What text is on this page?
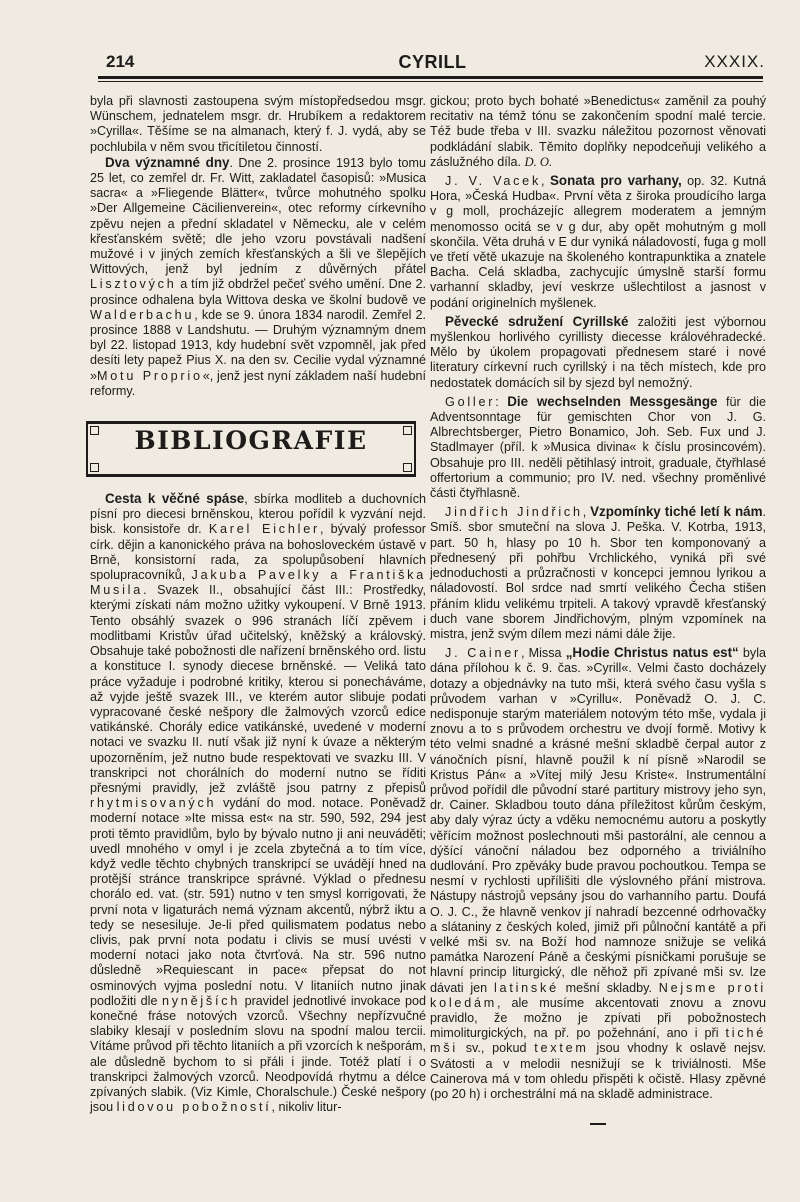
214	CYRILL	XXXIX.

byla při slavnosti zastoupena svým místopředsedou msgr. Wünschem, jednatelem msgr. dr. Hrubíkem a redaktorem »Cyrilla«. Těšíme se na almanach, který f. J. vydá, aby se pochlubila v něm svou třicítiletou činností.

Dva významné dny. Dne 2. prosince 1913 bylo tomu 25 let, co zemřel dr. Fr. Witt, zakladatel časopisů: »Musica sacra« a »Fliegende Blätter«, tvůrce mohutného spolku »Der Allgemeine Cäcilienverein«, otec reformy církevního zpěvu nejen a přední skladatel v Německu, ale v celém křesťanském světě; dle jeho vzoru povstávali nadšení mužové i v jiných zemích křesťanských a šli ve šlepějích Wittových, jenž byl jedním z důvěrných přátel Lisztových a tím již obdržel pečeť svého umění. Dne 2. prosince odhalena byla Wittova deska ve školní budově ve Walderbachu, kde se 9. února 1834 narodil. Zemřel 2. prosince 1888 v Landshutu. — Druhým významným dnem byl 22. listopad 1913, kdy hudební svět vzpomněl, jak před desíti lety papež Pius X. na den sv. Cecilie vydal významné »Motu Proprio«, jenž jest nyní základem naší hudební reformy.

BIBLIOGRAFIE

Cesta k věčné spáse, sbírka modliteb a duchovních písní pro diecesi brněnskou, kterou pořídil k vyzvání nejd. bisk. konsistoře dr. Karel Eichler, bývalý professor círk. dějin a kanonického práva na bohosloveckém ústavě v Brně, konsistorní rada, za spolupůsobení hlavních spolupracovníků, Jakuba Pavelky a Františka Musila. Svazek II., obsahující část III.: Prostředky, kterými získati nám možno užitky vykoupení. V Brně 1913. Tento obsáhlý svazek o 996 stranách líčí zpěvem i modlitbami Kristův úřad učitelský, kněžský a královský. Obsahuje také pobožnosti dle nařízení brněnského ord. listu a konstituce I. synody diecese brněnské. — Veliká tato práce vyžaduje i podrobné kritiky, kterou si ponecháváme, až vyjde ještě svazek III., ve kterém autor slibuje podati vypracované české nešpory dle žalmových vzorců edice vatikánské. Chorály edice vatikánské, uvedené v moderní notaci ve svazku II. nutí však již nyní k úvaze a některým upozorněním, jež nutno bude respektovati ve svazku III. V transkripci not chorálních do moderní nutno se říditi přesnými pravidly, jež zvláště jsou patrny z přepisů rhytmisovaných vydání do mod. notace. Poněvadž moderní notace »Ite missa est« na str. 590, 592, 294 jest proti těmto pravidlům, bylo by bývalo nutno ji ani neuváděti; uvedl mnohého v omyl i je zcela zbytečná a to tím více, když vedle těchto chybných transkripcí se uvádějí hned na protější stránce transkripce správné. Výklad o přednesu chorálo ed. vat. (str. 591) nutno v ten smysl korrigovati, že první nota v ligaturách nemá význam akcentů, nýbrž iktu a tedy se nesesiluje. Je-li před quilismatem podatus nebo clivis, pak první nota podatu i clivis se musí uvésti v moderní notaci jako nota čtvrťová. Na str. 596 nutno důsledně »Requiescant in pace« přepsat do not osminových vyjma poslední notu. V litaniích nutno jinak podložiti dle nynějších pravidel jednotlivé invokace pod konečné fráse notových vzorců. Všechny nepřízvučné slabiky klesají v posledním slovu na spodní malou tercii. Vítáme průvod při těchto litaniích a při vzorcích k nešporám, ale důsledně bychom to si přáli i jinde. Totéž platí i o transkripci žalmových vzorců. Neodpovídá rhytmu a délce zpívaných slabik. (Viz Kimle, Choralschule.) České nešpory jsou lidovou pobožností, nikoliv litur-

gickou; proto bych bohaté »Benedictus« zaměnil za pouhý recitativ na témž tónu se zakončením spodní malé tercie. Též bude třeba v III. svazku náležitou pozornost věnovati podkládání slabik. Těmito doplňky nepodceňuji velikého a záslužného díla. D. O.

J. V. Vacek, Sonata pro varhany, op. 32. Kutná Hora, »Česká Hudba«. První věta z široka proudícího larga v g moll, procházejíc allegrem moderatem a jemným menomosso ocitá se v g dur, aby opět mohutným g moll skončila. Věta druhá v E dur vyniká náladovostí, fuga g moll ve třetí větě ukazuje na školeného kontrapunktika a znatele Bacha. Celá skladba, zachycujíc úmyslně starší formu varhanní skladby, jeví veskrze ušlechtilost a jasnost v podání originelních myšlenek.

Pěvecké sdružení Cyrillské založiti jest výbornou myšlenkou horlivého cyrillisty diecesse královéhradecké. Mělo by úkolem propagovati přednesem staré i nové literatury církevní ruch cyrillský i na těch místech, kde pro nedostatek domácích sil by sjezd byl nemožný.

Goller: Die wechselnden Messgesänge für die Adventsonntage für gemischten Chor von J. G. Albrechtsberger, Pietro Bonamico, Joh. Seb. Fux und J. Stadlmayer (příl. k »Musica divina« k číslu prosincovém). Obsahuje pro III. neděli pětihlasý introit, graduale, čtyřhlasé offertorium a communio; pro IV. ned. všechny proměnlivé části čtyřhlasně.

Jindřich Jindřich, Vzpomínky tiché letí k nám. Smíš. sbor smuteční na slova J. Peška. V. Kotrba, 1913, part. 50 h, hlasy po 10 h. Sbor ten komponovaný a přednesený při pohřbu Vrchlického, vyniká při své jednoduchosti a průzračnosti v koncepci jemnou lyrikou a náladovostí. Bol srdce nad smrtí velikého Čecha stišen přáním klidu velikému trpiteli. A takový vpravdě křesťanský duch vane sborem Jindřichovým, plným vzpomínek na mistra, jenž svým dílem mezi námi dále žije.

J. Cainer, Missa „Hodie Christus natus est“ byla dána přílohou k č. 9. čas. »Cyrill«. Velmi často docházely dotazy a objednávky na tuto mši, která svého času vyšla s průvodem varhan v »Cyrillu«. Poněvadž O. J. C. nedisponuje starým materiálem notovým této mše, vydala ji znovu a to s průvodem orchestru ve dvojí formě. Motivy k této velmi snadné a krásné mešní skladbě čerpal autor z vánočních písní, hlavně použil k ní písně »Narodil se Kristus Pán« a »Vítej milý Jesu Kriste«. Instrumentální průvod pořídil dle původní staré partitury mistrovy jeho syn, dr. Cainer. Skladbou touto dána příležitost kůrům českým, aby daly výraz úcty a vděku nemocnému autoru a poskytly věřícím možnost poslechnouti mši pastorální, ale cennou a dýšící vánoční náladou bez odporného a triviálního dudlování. Pro zpěváky bude pravou pochoutkou. Tempa se nesmí v rychlosti upřílišiti dle výslovného přání mistrova. Nástupy nástrojů vepsány jsou do varhanního partu. Doufá O. J. C., že hlavně venkov jí nahradí bezcenné odrhovačky a slátaniny z českých koled, jimiž při půlnoční kantátě a při velké mši sv. na Boží hod namnoze snižuje se veliká památka Narození Páně a českými písničkami porušuje se hlavní princip liturgický, dle něhož při zpívané mši sv. lze dávati jen latinské mešní skladby. Nejsme proti koledám, ale musíme akcentovati znovu a znovu pravidlo, že možno je zpívati při pobožnostech mimoliturgických, na př. po požehnání, ano i při tiché mši sv., pokud textem jsou vhodny k oslavě nejsv. Svátosti a v melodii nesnižují se k triviálnosti. Mše Cainerova má v tom ohledu přispěti k očistě. Hlasy zpěvné (po 20 h) i orchestrální má na skladě administrace.
